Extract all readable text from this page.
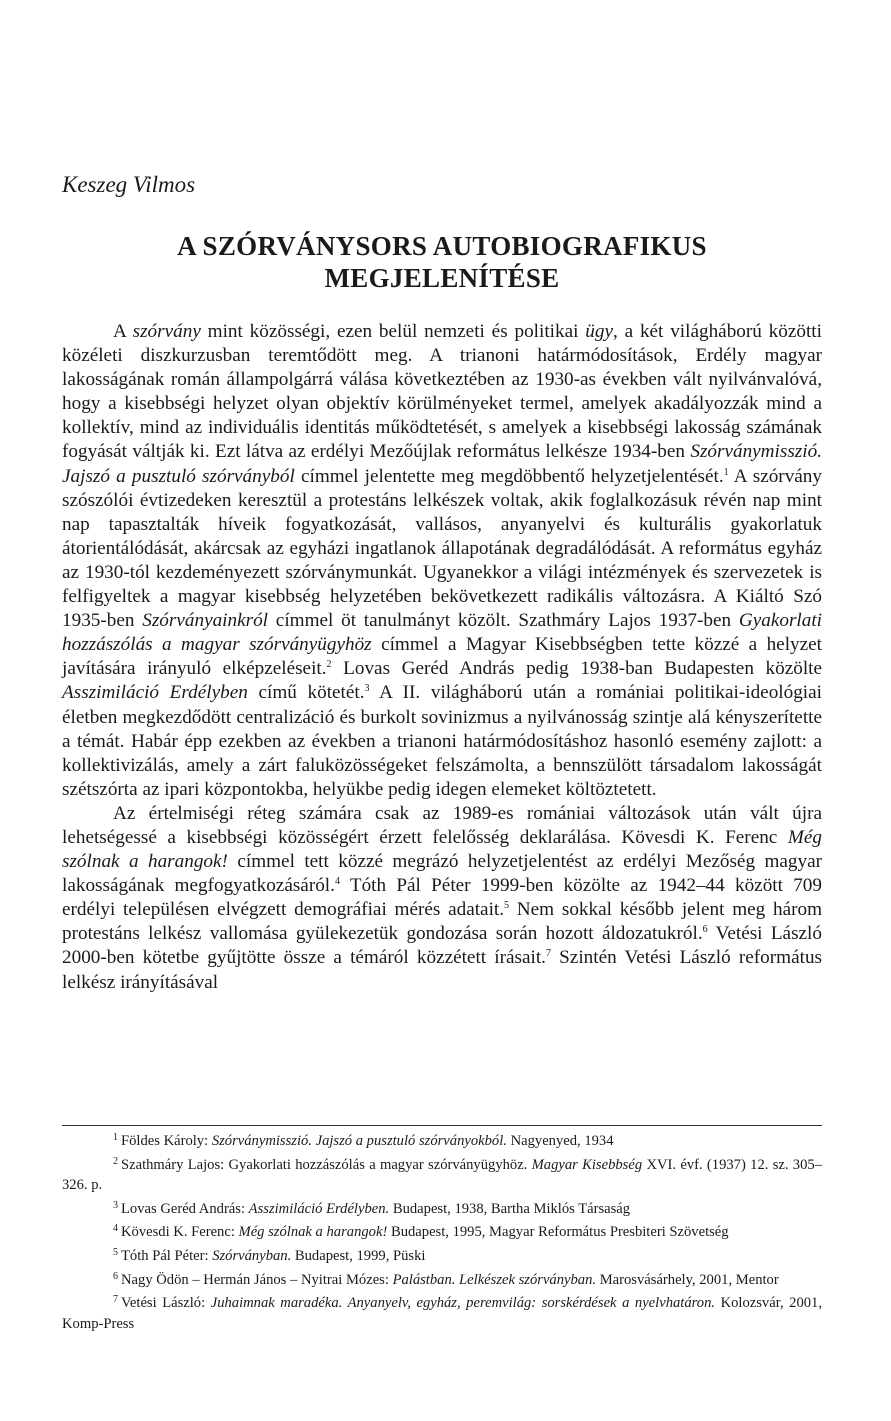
Keszeg Vilmos

A SZÓRVÁNYSORS AUTOBIOGRAFIKUS
MEGJELENÍTÉSE

A szórvány mint közösségi, ezen belül nemzeti és politikai ügy, a két világháború közötti közéleti diszkurzusban teremtődött meg. A trianoni határmódosítások, Erdély magyar lakosságának román állampolgárrá válása következtében az 1930-as években vált nyilvánvalóvá, hogy a kisebbségi helyzet olyan objektív körülményeket termel, amelyek akadályozzák mind a kollektív, mind az individuális identitás működtetését, s amelyek a kisebbségi lakosság számának fogyását váltják ki. Ezt látva az erdélyi Mezőújlak református lelkésze 1934-ben Szórványmisszió. Jajszó a pusztuló szórványból címmel jelentette meg megdöbbentő helyzetjelentését.$^1$ A szórvány szószólói évtizedeken keresztül a protestáns lelkészek voltak, akik foglalkozásuk révén nap mint nap tapasztalták híveik fogyatkozását, vallásos, anyanyelvi és kulturális gyakorlatuk átorientálódását, akárcsak az egyházi ingatlanok állapotának degradálódását. A református egyház az 1930-tól kezdeményezett szórványmunkát. Ugyanekkor a világi intézmények és szervezetek is felfigyeltek a magyar kisebbség helyzetében bekövetkezett radikális változásra. A Kiáltó Szó 1935-ben Szórványainkról címmel öt tanulmányt közölt. Szathmáry Lajos 1937-ben Gyakorlati hozzászólás a magyar szórványügyhöz címmel a Magyar Kisebbségben tette közzé a helyzet javítására irányuló elképzeléseit.$^2$ Lovas Geréd András pedig 1938-ban Budapesten közölte Asszimiláció Erdélyben című kötetét.$^3$ A II. világháború után a romániai politikai-ideológiai életben megkezdődött centralizáció és burkolt sovinizmus a nyilvánosság szintje alá kényszerítette a témát. Habár épp ezekben az években a trianoni határmódosításhoz hasonló esemény zajlott: a kollektivizálás, amely a zárt faluközösségeket felszámolta, a bennszülött társadalom lakosságát szétszórta az ipari központokba, helyükbe pedig idegen elemeket költöztetett.

Az értelmiségi réteg számára csak az 1989-es romániai változások után vált újra lehetségessé a kisebbségi közösségért érzett felelősség deklarálása. Kövesdi K. Ferenc Még szólnak a harangok! címmel tett közzé megrázó helyzetjelentést az erdélyi Mezőség magyar lakosságának megfogyatkozásáról.$^4$ Tóth Pál Péter 1999-ben közölte az 1942–44 között 709 erdélyi településen elvégzett demográfiai mérés adatait.$^5$ Nem sokkal később jelent meg három protestáns lelkész vallomása gyülekezetük gondozása során hozott áldozatukról.$^6$ Vetési László 2000-ben kötetbe gyűjtötte össze a témáról közzétett írásait.$^7$ Szintén Vetési László református lelkész irányításával

$^1$ Földes Károly: Szórványmisszió. Jajszó a pusztuló szórványokból. Nagyenyed, 1934

$^2$ Szathmáry Lajos: Gyakorlati hozzászólás a magyar szórványügyhöz. Magyar Kisebbség XVI. évf. (1937) 12. sz. 305–326. p.

$^3$ Lovas Geréd András: Asszimiláció Erdélyben. Budapest, 1938, Bartha Miklós Társaság

$^4$ Kövesdi K. Ferenc: Még szólnak a harangok! Budapest, 1995, Magyar Református Presbiteri Szövetség

$^5$ Tóth Pál Péter: Szórványban. Budapest, 1999, Püski

$^6$ Nagy Ödön – Hermán János – Nyitrai Mózes: Palástban. Lelkészek szórványban. Marosvásárhely, 2001, Mentor

$^7$ Vetési László: Juhaimnak maradéka. Anyanyelv, egyház, peremvilág: sorskérdések a nyelvhatáron. Kolozsvár, 2001, Komp-Press
